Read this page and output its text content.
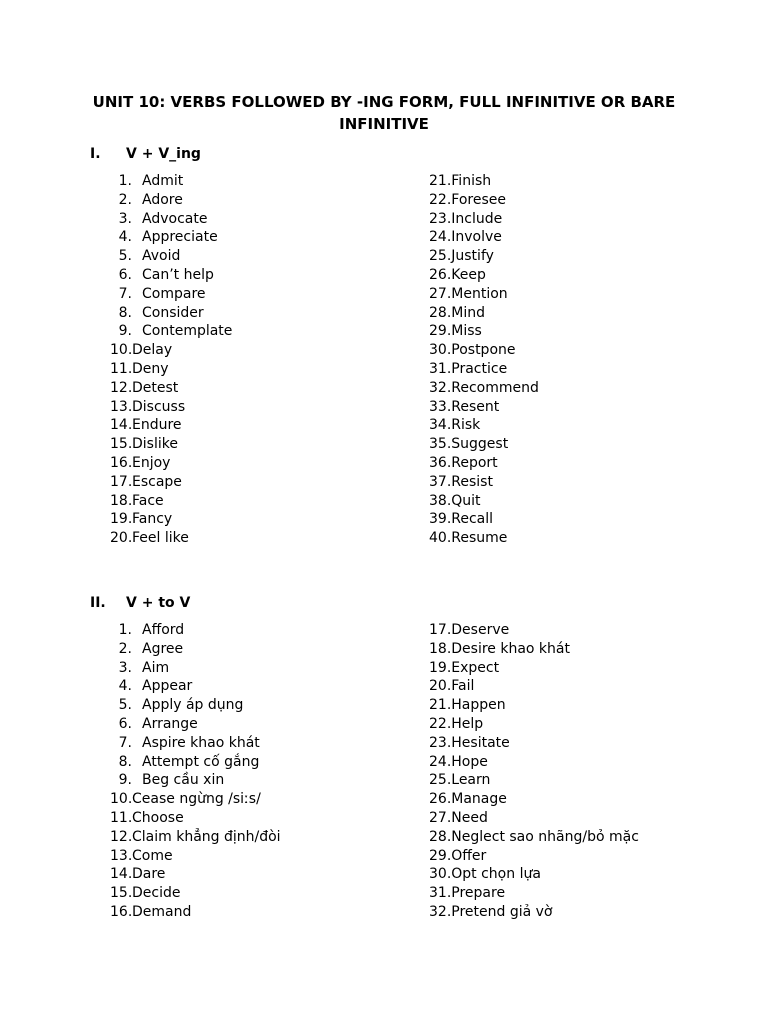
UNIT 10: VERBS FOLLOWED BY -ING FORM, FULL INFINITIVE OR BARE INFINITIVE
I. V + V_ing
1. Admit
2. Adore
3. Advocate
4. Appreciate
5. Avoid
6. Can’t help
7. Compare
8. Consider
9. Contemplate
10. Delay
11. Deny
12. Detest
13. Discuss
14. Endure
15. Dislike
16. Enjoy
17. Escape
18. Face
19. Fancy
20. Feel like
21. Finish
22. Foresee
23. Include
24. Involve
25. Justify
26. Keep
27. Mention
28. Mind
29. Miss
30. Postpone
31. Practice
32. Recommend
33. Resent
34. Risk
35. Suggest
36. Report
37. Resist
38. Quit
39. Recall
40. Resume
II. V + to V
1. Afford
2. Agree
3. Aim
4. Appear
5. Apply áp dụng
6. Arrange
7. Aspire khao khát
8. Attempt cố gắng
9. Beg cầu xin
10. Cease ngừng /siːs/
11. Choose
12. Claim khẳng định/đòi
13. Come
14. Dare
15. Decide
16. Demand
17. Deserve
18. Desire khao khát
19. Expect
20. Fail
21. Happen
22. Help
23. Hesitate
24. Hope
25. Learn
26. Manage
27. Need
28. Neglect sao nhãng/bỏ mặc
29. Offer
30. Opt chọn lựa
31. Prepare
32. Pretend giả vờ
